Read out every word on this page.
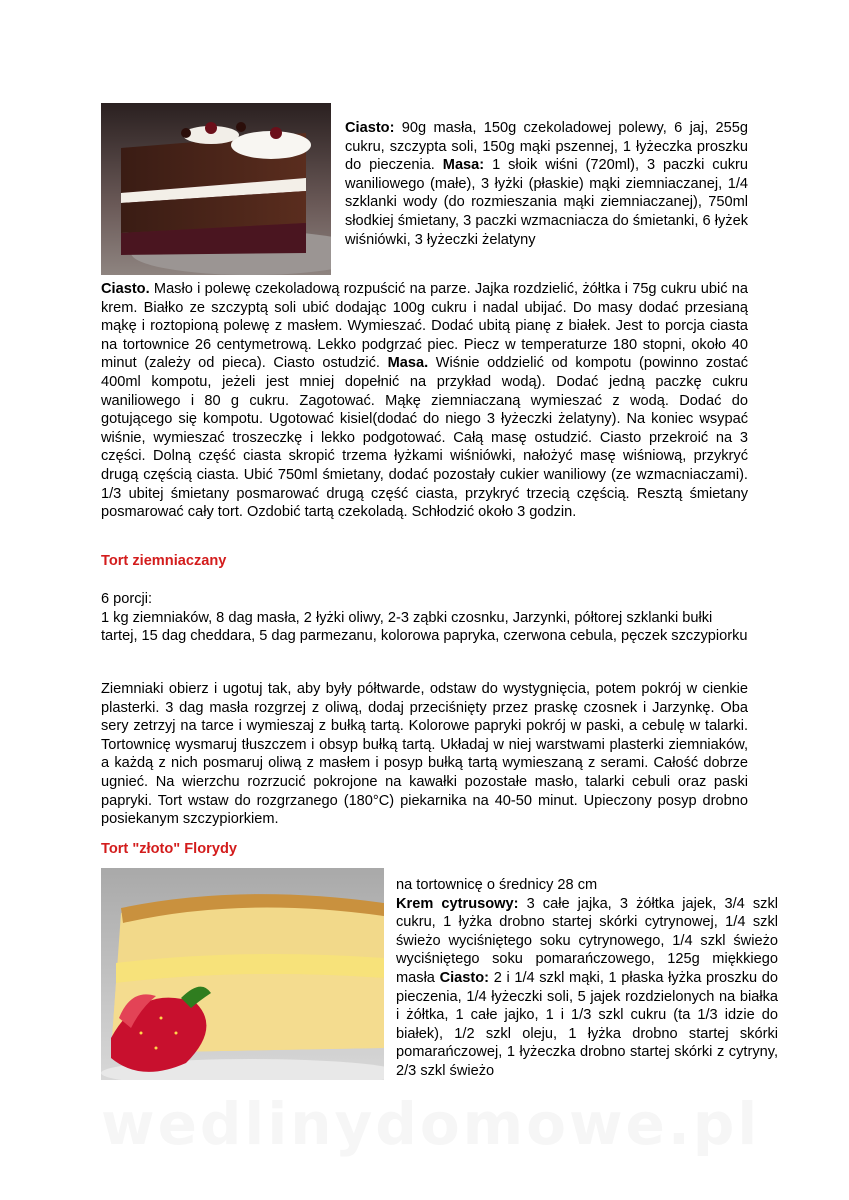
Ciasto: 90g masła, 150g czekoladowej polewy, 6 jaj, 255g cukru, szczypta soli, 150g mąki pszennej, 1 łyżeczka proszku do pieczenia. Masa: 1 słoik wiśni (720ml), 3 paczki cukru waniliowego (małe), 3 łyżki (płaskie) mąki ziemniaczanej, 1/4 szklanki wody (do rozmieszania mąki ziemniaczanej), 750ml słodkiej śmietany, 3 paczki wzmacniacza do śmietanki, 6 łyżek wiśniówki, 3 łyżeczki żelatyny

Ciasto. Masło i polewę czekoladową rozpuścić na parze. Jajka rozdzielić, żółtka i 75g cukru ubić na krem. Białko ze szczyptą soli ubić dodając 100g cukru i nadal ubijać. Do masy dodać przesianą mąkę i roztopioną polewę z masłem. Wymieszać. Dodać ubitą pianę z białek. Jest to porcja ciasta na tortownice 26 centymetrową. Lekko podgrzać piec. Piecz w temperaturze 180 stopni, około 40 minut (zależy od pieca). Ciasto ostudzić. Masa. Wiśnie oddzielić od kompotu (powinno zostać 400ml kompotu, jeżeli jest mniej dopełnić na przykład wodą). Dodać jedną paczkę cukru waniliowego i 80 g cukru. Zagotować. Mąkę ziemniaczaną wymieszać z wodą. Dodać do gotującego się kompotu. Ugotować kisiel(dodać do niego 3 łyżeczki żelatyny). Na koniec wsypać wiśnie, wymieszać troszeczkę i lekko podgotować. Całą masę ostudzić. Ciasto przekroić na 3 części. Dolną część ciasta skropić trzema łyżkami wiśniówki, nałożyć masę wiśniową, przykryć drugą częścią ciasta. Ubić 750ml śmietany, dodać pozostały cukier waniliowy (ze wzmacniaczami). 1/3 ubitej śmietany posmarować drugą część ciasta, przykryć trzecią częścią. Resztą śmietany posmarować cały tort. Ozdobić tartą czekoladą. Schłodzić około 3 godzin.

Tort ziemniaczany

6 porcji:
1 kg ziemniaków, 8 dag masła, 2 łyżki oliwy, 2-3 ząbki czosnku, Jarzynki, półtorej szklanki bułki tartej, 15 dag cheddara, 5 dag parmezanu, kolorowa papryka, czerwona cebula, pęczek szczypiorku

Ziemniaki obierz i ugotuj tak, aby były półtwarde, odstaw do wystygnięcia, potem pokrój w cienkie plasterki. 3 dag masła rozgrzej z oliwą, dodaj przeciśnięty przez praskę czosnek i Jarzynkę. Oba sery zetrzyj na tarce i wymieszaj z bułką tartą. Kolorowe papryki pokrój w paski, a cebulę w talarki. Tortownicę wysmaruj tłuszczem i obsyp bułką tartą. Układaj w niej warstwami plasterki ziemniaków, a każdą z nich posmaruj oliwą z masłem i posyp bułką tartą wymieszaną z serami. Całość dobrze ugnieć. Na wierzchu rozrzucić pokrojone na kawałki pozostałe masło, talarki cebuli oraz paski papryki. Tort wstaw do rozgrzanego (180°C) piekarnika na 40-50 minut. Upieczony posyp drobno posiekanym szczypiorkiem.

Tort "złoto" Florydy

na tortownicę o średnicy 28 cm
Krem cytrusowy: 3 całe jajka, 3 żółtka jajek, 3/4 szkl cukru, 1 łyżka drobno startej skórki cytrynowej, 1/4 szkl świeżo wyciśniętego soku cytrynowego, 1/4 szkl świeżo wyciśniętego soku pomarańczowego, 125g miękkiego masła Ciasto: 2 i 1/4 szkl mąki, 1 płaska łyżka proszku do pieczenia, 1/4 łyżeczki soli, 5 jajek rozdzielonych na białka i żółtka, 1 całe jajko, 1 i 1/3 szkl cukru (ta 1/3 idzie do białek), 1/2 szkl oleju, 1 łyżka drobno startej skórki pomarańczowej, 1 łyżeczka drobno startej skórki z cytryny, 2/3 szkl świeżo

wedlinydomowe.pl
